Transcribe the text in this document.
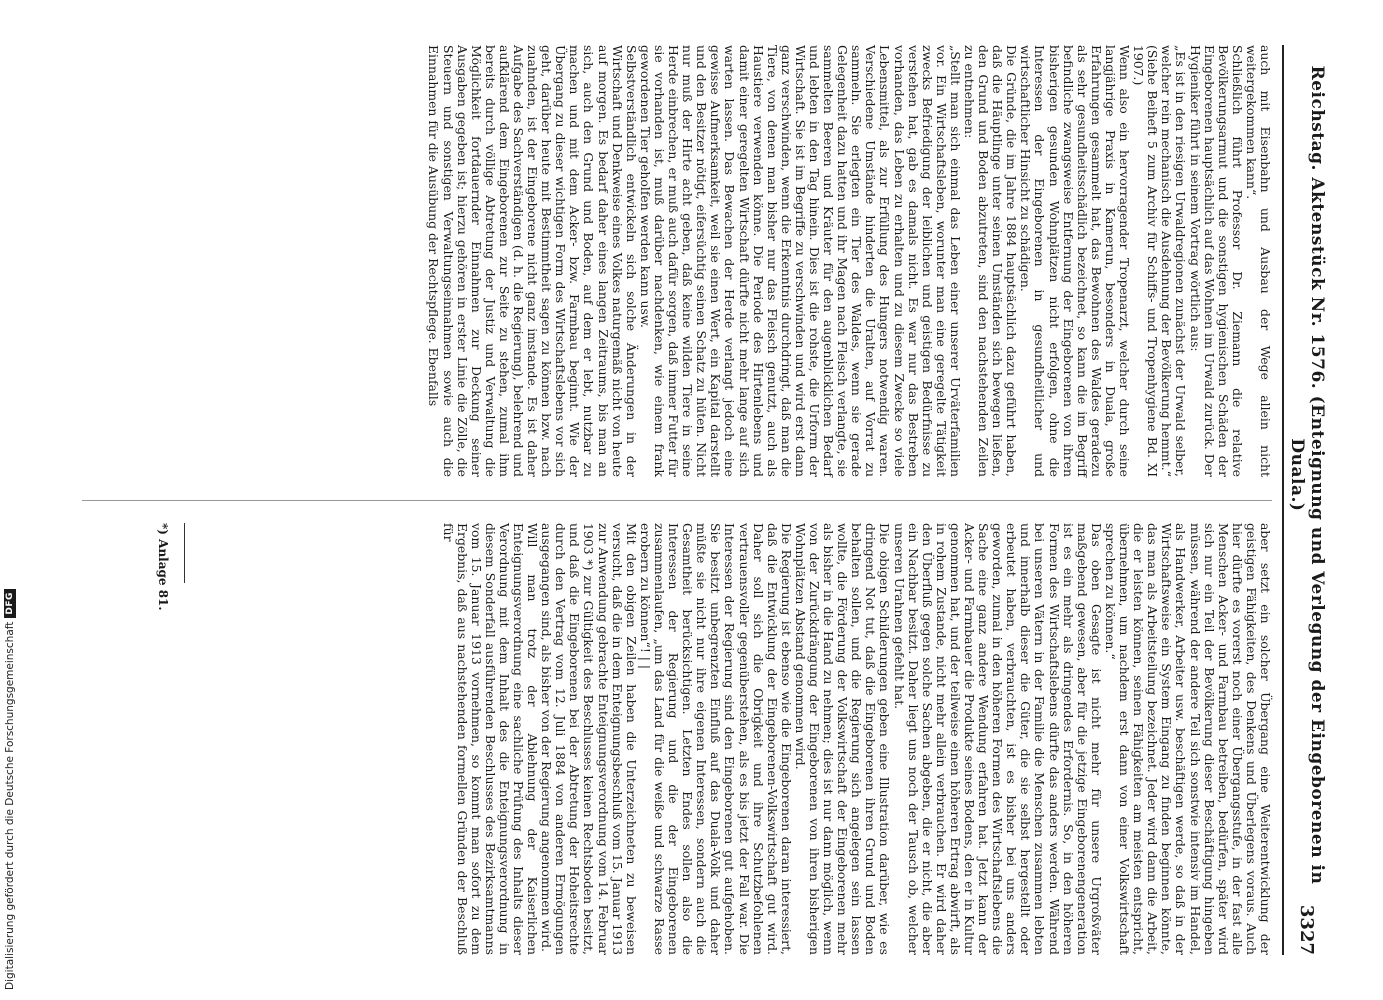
Reichstag. Aktenstück Nr. 1576. (Enteignung und Verlegung der Eingeborenen in Duala.)
3327

auch mit Eisenbahn und Ausbau der Wege allein nicht weitergekommen kann“.

Schließlich führt Professor Dr. Ziemann die relative Bevölkerungsarmut und die sonstigen hygienischen Schäden der Eingeborenen hauptsächlich auf das Wohnen im Urwald zurück. Der Hygieniker führt in seinem Vortrag wörtlich aus:

„Es ist in den riesigen Urwaldregionen zunächst der Urwald selber, welcher rein mechanisch die Ausdehnung der Bevölkerung hemmt.“ (Siehe Beiheft 5 zum Archiv für Schiffs- und Tropenhygiene Bd. XI 1907.)

Wenn also ein hervorragender Tropenarzt, welcher durch seine langjährige Praxis in Kamerun, besonders in Duala, große Erfahrungen gesammelt hat, das Bewohnen des Waldes geradezu als sehr gesundheitsschädlich bezeichnet, so kann die im Begriff befindliche zwangsweise Entfernung der Eingeborenen von ihren bisherigen gesunden Wohnplätzen nicht erfolgen, ohne die Interessen der Eingeborenen in gesundheitlicher und wirtschaftlicher Hinsicht zu schädigen.

Die Gründe, die im Jahre 1884 hauptsächlich dazu geführt haben, daß die Häuptlinge unter seinen Umständen sich bewegen ließen, den Grund und Boden abzutreten, sind den nachstehenden Zeilen zu entnehmen:

„Stellt man sich einmal das Leben einer unserer Urväterfamilien vor. Ein Wirtschaftsleben, worunter man eine geregelte Tätigkeit zwecks Befriedigung der leiblichen und geistigen Bedürfnisse zu verstehen hat, gab es damals nicht. Es war nur das Bestreben vorhanden, das Leben zu erhalten und zu diesem Zwecke so viele Lebensmittel, als zur Erfüllung des Hungers notwendig waren. Verschiedene Umstände hinderten die Uralten, auf Vorrat zu sammeln. Sie erlegten ein Tier des Waldes, wenn sie gerade Gelegenheit dazu hatten und ihr Magen nach Fleisch verlangte, sie sammelten Beeren und Kräuter für den augenblicklichen Bedarf und lebten in den Tag hinein. Dies ist die rohste, die Urform der Wirtschaft. Sie ist im Begriffe zu verschwinden und wird erst dann ganz verschwinden, wenn die Erkenntnis durchdringt, daß man die Tiere, von denen man bisher nur das Fleisch genutzt, auch als Haustiere verwenden könne. Die Periode des Hirtenlebens und damit einer geregelten Wirtschaft dürfte nicht mehr lange auf sich warten lassen. Das Bewachen der Herde verlangt jedoch eine gewisse Aufmerksamkeit, weil sie einen Wert, ein Kapital darstellt und den Besitzer nötigt, eifersüchtig seinen Schatz zu hüten. Nicht nur muß der Hirte acht geben, daß keine wilden Tiere in seine Herde einbrechen, er muß auch dafür sorgen, daß immer Futter für sie vorhanden ist, muß darüber nachdenken, wie einem frank gewordenen Tier geholfen werden kann usw.

Selbstverständlich entwickeln sich solche Änderungen in der Wirtschaft und Denkweise eines Volkes naturgemäß nicht von heute auf morgen. Es bedarf daher eines langen Zeitraums, bis man an sich, auch den Grund und Boden, auf dem er lebt, nutzbar zu machen und mit dem Acker- bzw. Farmbau beginnt. Wie der Übergang zu dieser wichtigen Form des Wirtschaftslebens vor sich geht, darüber heute mit Bestimmtheit sagen zu können bzw. nach zuahnden, ist der Eingeborene nicht ganz imstande. Es ist daher Aufgabe des Sachverständigen (d. h. die Regierung), belehrend und aufklärend dem Eingeborenen zur Seite zu stehen, zumal ihm bereits durch völlige Abtretung der Justiz und Verwaltung die Möglichkeit fortdauernder Einnahmen zur Deckung seiner Ausgaben gegeben ist; hierzu gehören in erster Linie die Zölle, die Steuern und sonstigen Verwaltungseinnahmen sowie auch die Einnahmen für die Ausübung der Rechtspflege. Ebenfalls

aber setzt ein solcher Übergang eine Weiterentwicklung der geistigen Fähigkeiten, des Denkens und Überlegens voraus. Auch hier dürfte es vorerst noch einer Übergangsstufe, in der fast alle Menschen Acker- und Farmbau betreiben, bedürfen, später wird sich nur ein Teil der Bevölkerung dieser Beschäftigung hingeben müssen, während der andere Teil sich sonstwie intensiv im Handel, als Handwerker, Arbeiter usw. beschäftigen werde, so daß in der Wirtschaftsweise ein System Eingang zu finden beginnen könnte, das man als Arbeitsteilung bezeichnet. Jeder wird dann die Arbeit, die er leisten können, seinen Fähigkeiten am meisten entspricht, übernehmen, um nachdem erst dann von einer Volkswirtschaft sprechen zu können.“

Das oben Gesagte ist nicht mehr für unsere Urgroßväter maßgebend gewesen, aber für die jetzige Eingeborenengeneration ist es ein mehr als dringendes Erfordernis. So, in den höheren Formen des Wirtschaftslebens dürfte das anders werden. Während bei unseren Vätern in der Familie die Menschen zusammen lebten und innerhalb dieser die Güter, die sie selbst hergestellt oder erbeutet haben, verbrauchten, ist es bisher bei uns anders geworden, zumal in den höheren Formen des Wirtschaftslebens die Sache eine ganz andere Wendung erfahren hat. Jetzt kann der Acker- und Farmbauer die Produkte seines Bodens, den er in Kultur genommen hat, und der teilweise einen höheren Ertrag abwirft, als in rohem Zustande, nicht mehr allein verbrauchen. Er wird daher den Überfluß gegen solche Sachen abgeben, die er nicht, die aber ein Nachbar besitzt. Daher liegt uns noch der Tausch ob, welcher unseren Urahnen gefehlt hat.

Die obigen Schilderungen geben eine Illustration darüber, wie es dringend Not tut, daß die Eingeborenen ihren Grund und Boden behalten sollen, und die Regierung sich angelegen sein lassen wollte, die Förderung der Volkswirtschaft der Eingeborenen mehr als bisher in die Hand zu nehmen; dies ist nur dann möglich, wenn von der Zurückdrängung der Eingeborenen von ihren bisherigen Wohnplätzen Abstand genommen wird.

Die Regierung ist ebenso wie die Eingeborenen daran interessiert, daß die Entwicklung der Eingeborenen-Volkswirtschaft gut wird. Daher soll sich die Obrigkeit und ihre Schutzbefohlenen vertrauensvoller gegenüberstehen, als es bis jetzt der Fall war. Die Interessen der Regierung sind den Eingeborenen gut aufgehoben. Sie besitzt unbegrenzten Einfluß auf das Duala-Volk und daher müßte sie nicht nur ihre eigenen Interessen, sondern auch die Gesamtheit berücksichtigen. Letzten Endes sollen also die Interessen der Regierung und die der Eingeborenen zusammenlaufen, „um das Land für die weiße und schwarze Rasse erobern zu können“! | |

Mit den obigen Zeilen haben die Unterzeichneten zu beweisen versucht, daß die in dem Enteignungsbeschluß vom 15. Januar 1913 zur Anwendung gebrachte Enteignungsverordnung vom 14. Februar 1903 *) zur Gültigkeit des Beschlusses keinen Rechtsboden besitzt, und daß die Eingeborenen bei der Abtretung der Hoheitsrechte durch den Vertrag vom 12. Juli 1884 von anderen Ermögungen ausgegangen sind, als bisher von der Regierung angenommen wird.

Will man trotz der Ablehnung der Kaiserlichen Enteignungsverordnung eine sachliche Prüfung des Inhalts dieser Verordnung mit dem Inhalt des die Enteignungsverordnung in diesem Sonderfall ausführenden Beschlusses des Bezirksamtmanns vom 15. Januar 1913 vornehmen, so kommt man sofort zu dem Ergebnis, daß aus nachstehenden formellen Gründen der Beschluß für

*) Anlage 81.
Digitalisierung gefördert durch die Deutsche Forschungsgemeinschaft
DFG
